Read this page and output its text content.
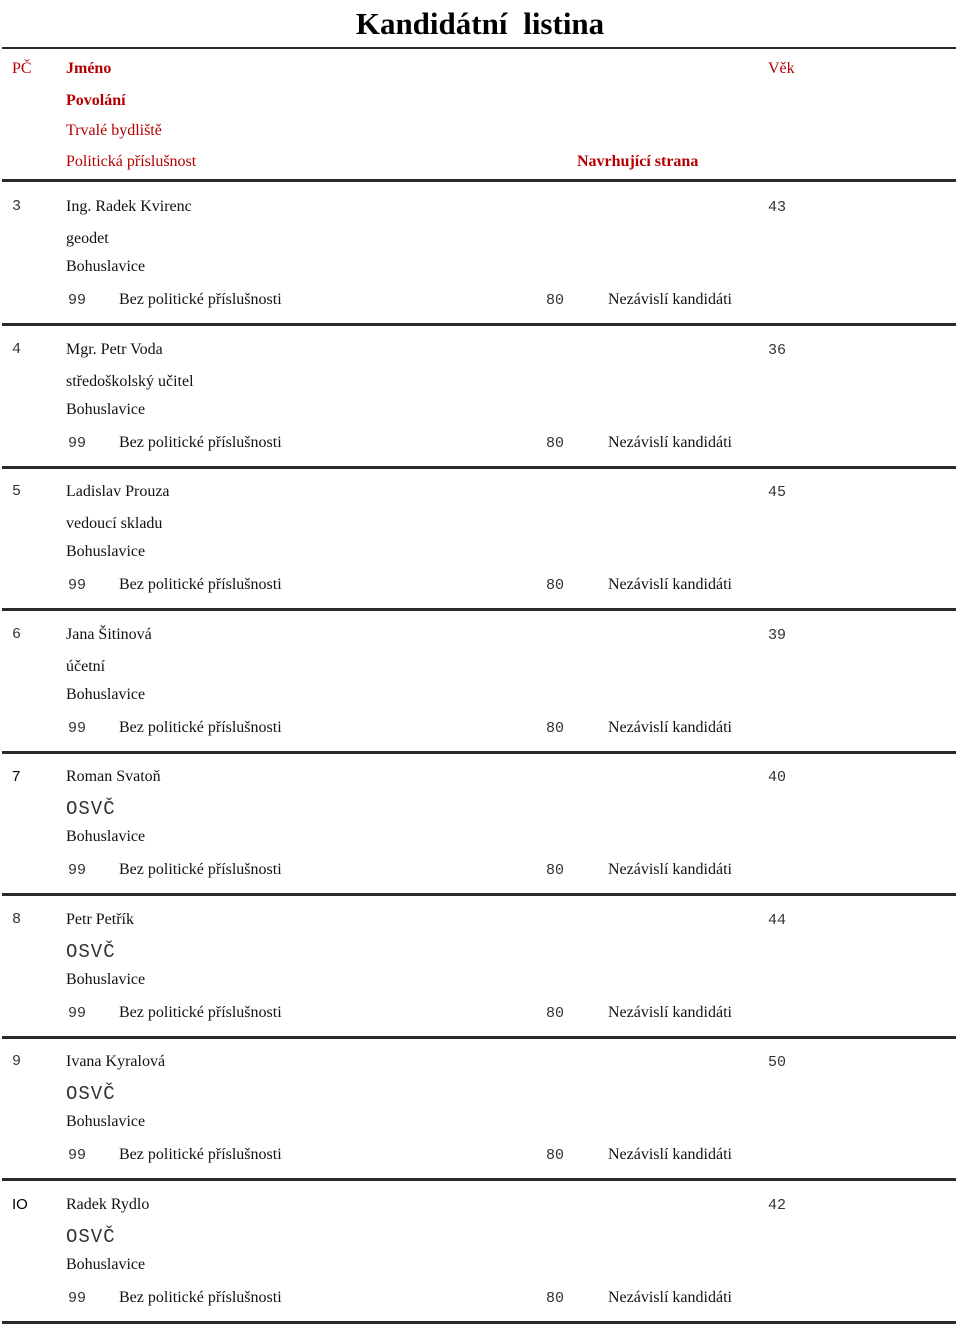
Kandidátní listina
PČ Jméno	Věk
Povolání
Trvalé bydliště
Politická příslušnost	Navrhující strana
3	Ing. Radek Kvirenc	43
geodet
Bohuslavice
99 Bez politické příslušnosti	80	Nezávislí kandidáti
4	Mgr. Petr Voda	36
středoškolský učitel
Bohuslavice
99 Bez politické příslušnosti	80	Nezávislí kandidáti
5	Ladislav Prouza	45
vedoucí skladu
Bohuslavice
99 Bez politické příslušnosti	80	Nezávislí kandidáti
6	Jana Šitinová	39
účetní
Bohuslavice
99 Bez politické příslušnosti	80	Nezávislí kandidáti
7	Roman Svatoň	40
OSVČ
Bohuslavice
99 Bez politické příslušnosti	80	Nezávislí kandidáti
8	Petr Petřík	44
OSVČ
Bohuslavice
99 Bez politické příslušnosti	80	Nezávislí kandidáti
9	Ivana Kyralová	50
OSVČ
Bohuslavice
99 Bez politické příslušnosti	80	Nezávislí kandidáti
IO Radek Rydlo	42
OSVČ
Bohuslavice
99 Bez politické příslušnosti	80	Nezávislí kandidáti
